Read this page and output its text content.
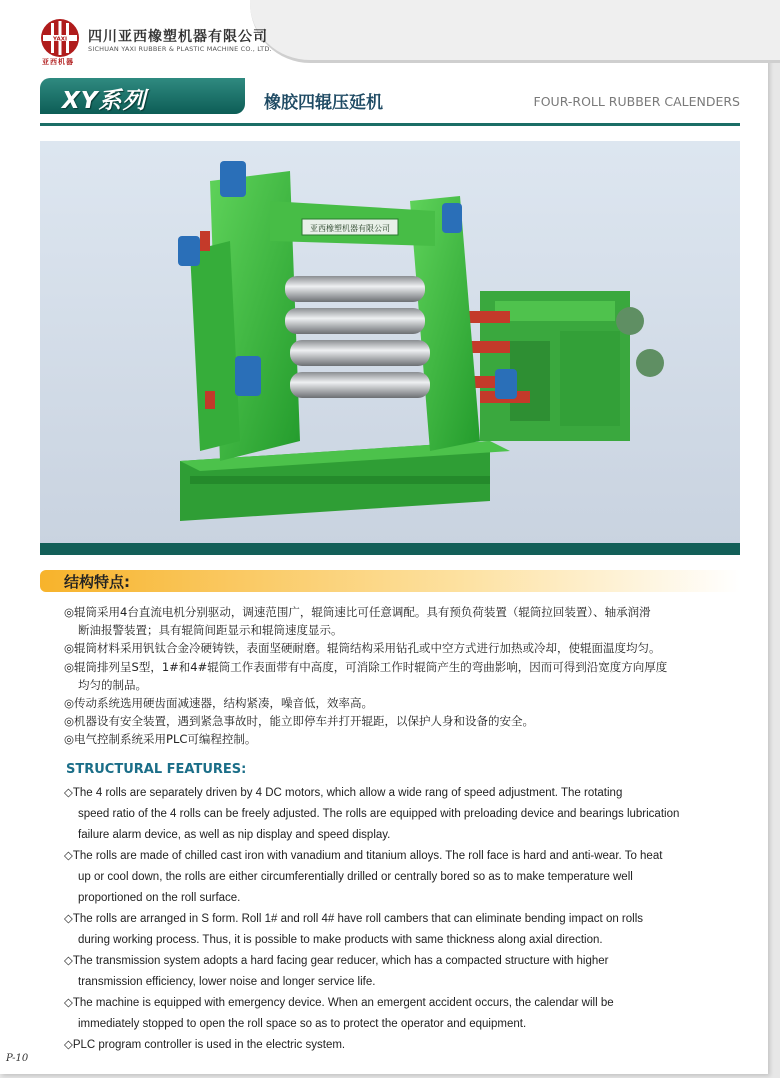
YAXI
亚西机器
四川亚西橡塑机器有限公司
SICHUAN YAXI RUBBER & PLASTIC MACHINE CO., LTD.
XY系列	橡胶四辊压延机	FOUR-ROLL RUBBER CALENDERS
亚西橡塑机器有限公司
结构特点:
◎辊筒采用4台直流电机分别驱动，调速范围广，辊筒速比可任意调配。具有预负荷装置（辊筒拉回装置）、轴承润滑
断油报警装置；具有辊筒间距显示和辊筒速度显示。
◎辊筒材料采用钒钛合金冷硬铸铁，表面坚硬耐磨。辊筒结构采用钻孔或中空方式进行加热或冷却，使辊面温度均匀。
◎辊筒排列呈S型，1#和4#辊筒工作表面带有中高度，可消除工作时辊筒产生的弯曲影响，因而可得到沿宽度方向厚度
均匀的制品。
◎传动系统选用硬齿面减速器，结构紧凑，噪音低，效率高。
◎机器设有安全装置，遇到紧急事故时，能立即停车并打开辊距，以保护人身和设备的安全。
◎电气控制系统采用PLC可编程控制。
STRUCTURAL FEATURES:
◇The 4 rolls are separately driven by 4 DC motors, which allow a wide rang of speed adjustment. The rotating
speed ratio of the 4 rolls can be freely adjusted. The rolls are equipped with preloading device and bearings lubrication
failure alarm device, as well as nip display and speed display.
◇The rolls are made of chilled cast iron with vanadium and titanium alloys. The roll face is hard and anti-wear. To heat
up or cool down, the rolls are either circumferentially drilled or centrally bored so as to make temperature well
proportioned on the roll surface.
◇The rolls are arranged in S form. Roll 1# and roll 4# have roll cambers that can eliminate bending impact on rolls
during working process. Thus, it is possible to make products with same thickness along axial direction.
◇The transmission system adopts a hard facing gear reducer, which has a compacted structure with higher
transmission efficiency, lower noise and longer service life.
◇The machine is equipped with emergency device. When an emergent accident occurs, the calendar will be
immediately stopped to open the roll space so as to protect the operator and equipment.
◇PLC program controller is used in the electric system.
P-10
